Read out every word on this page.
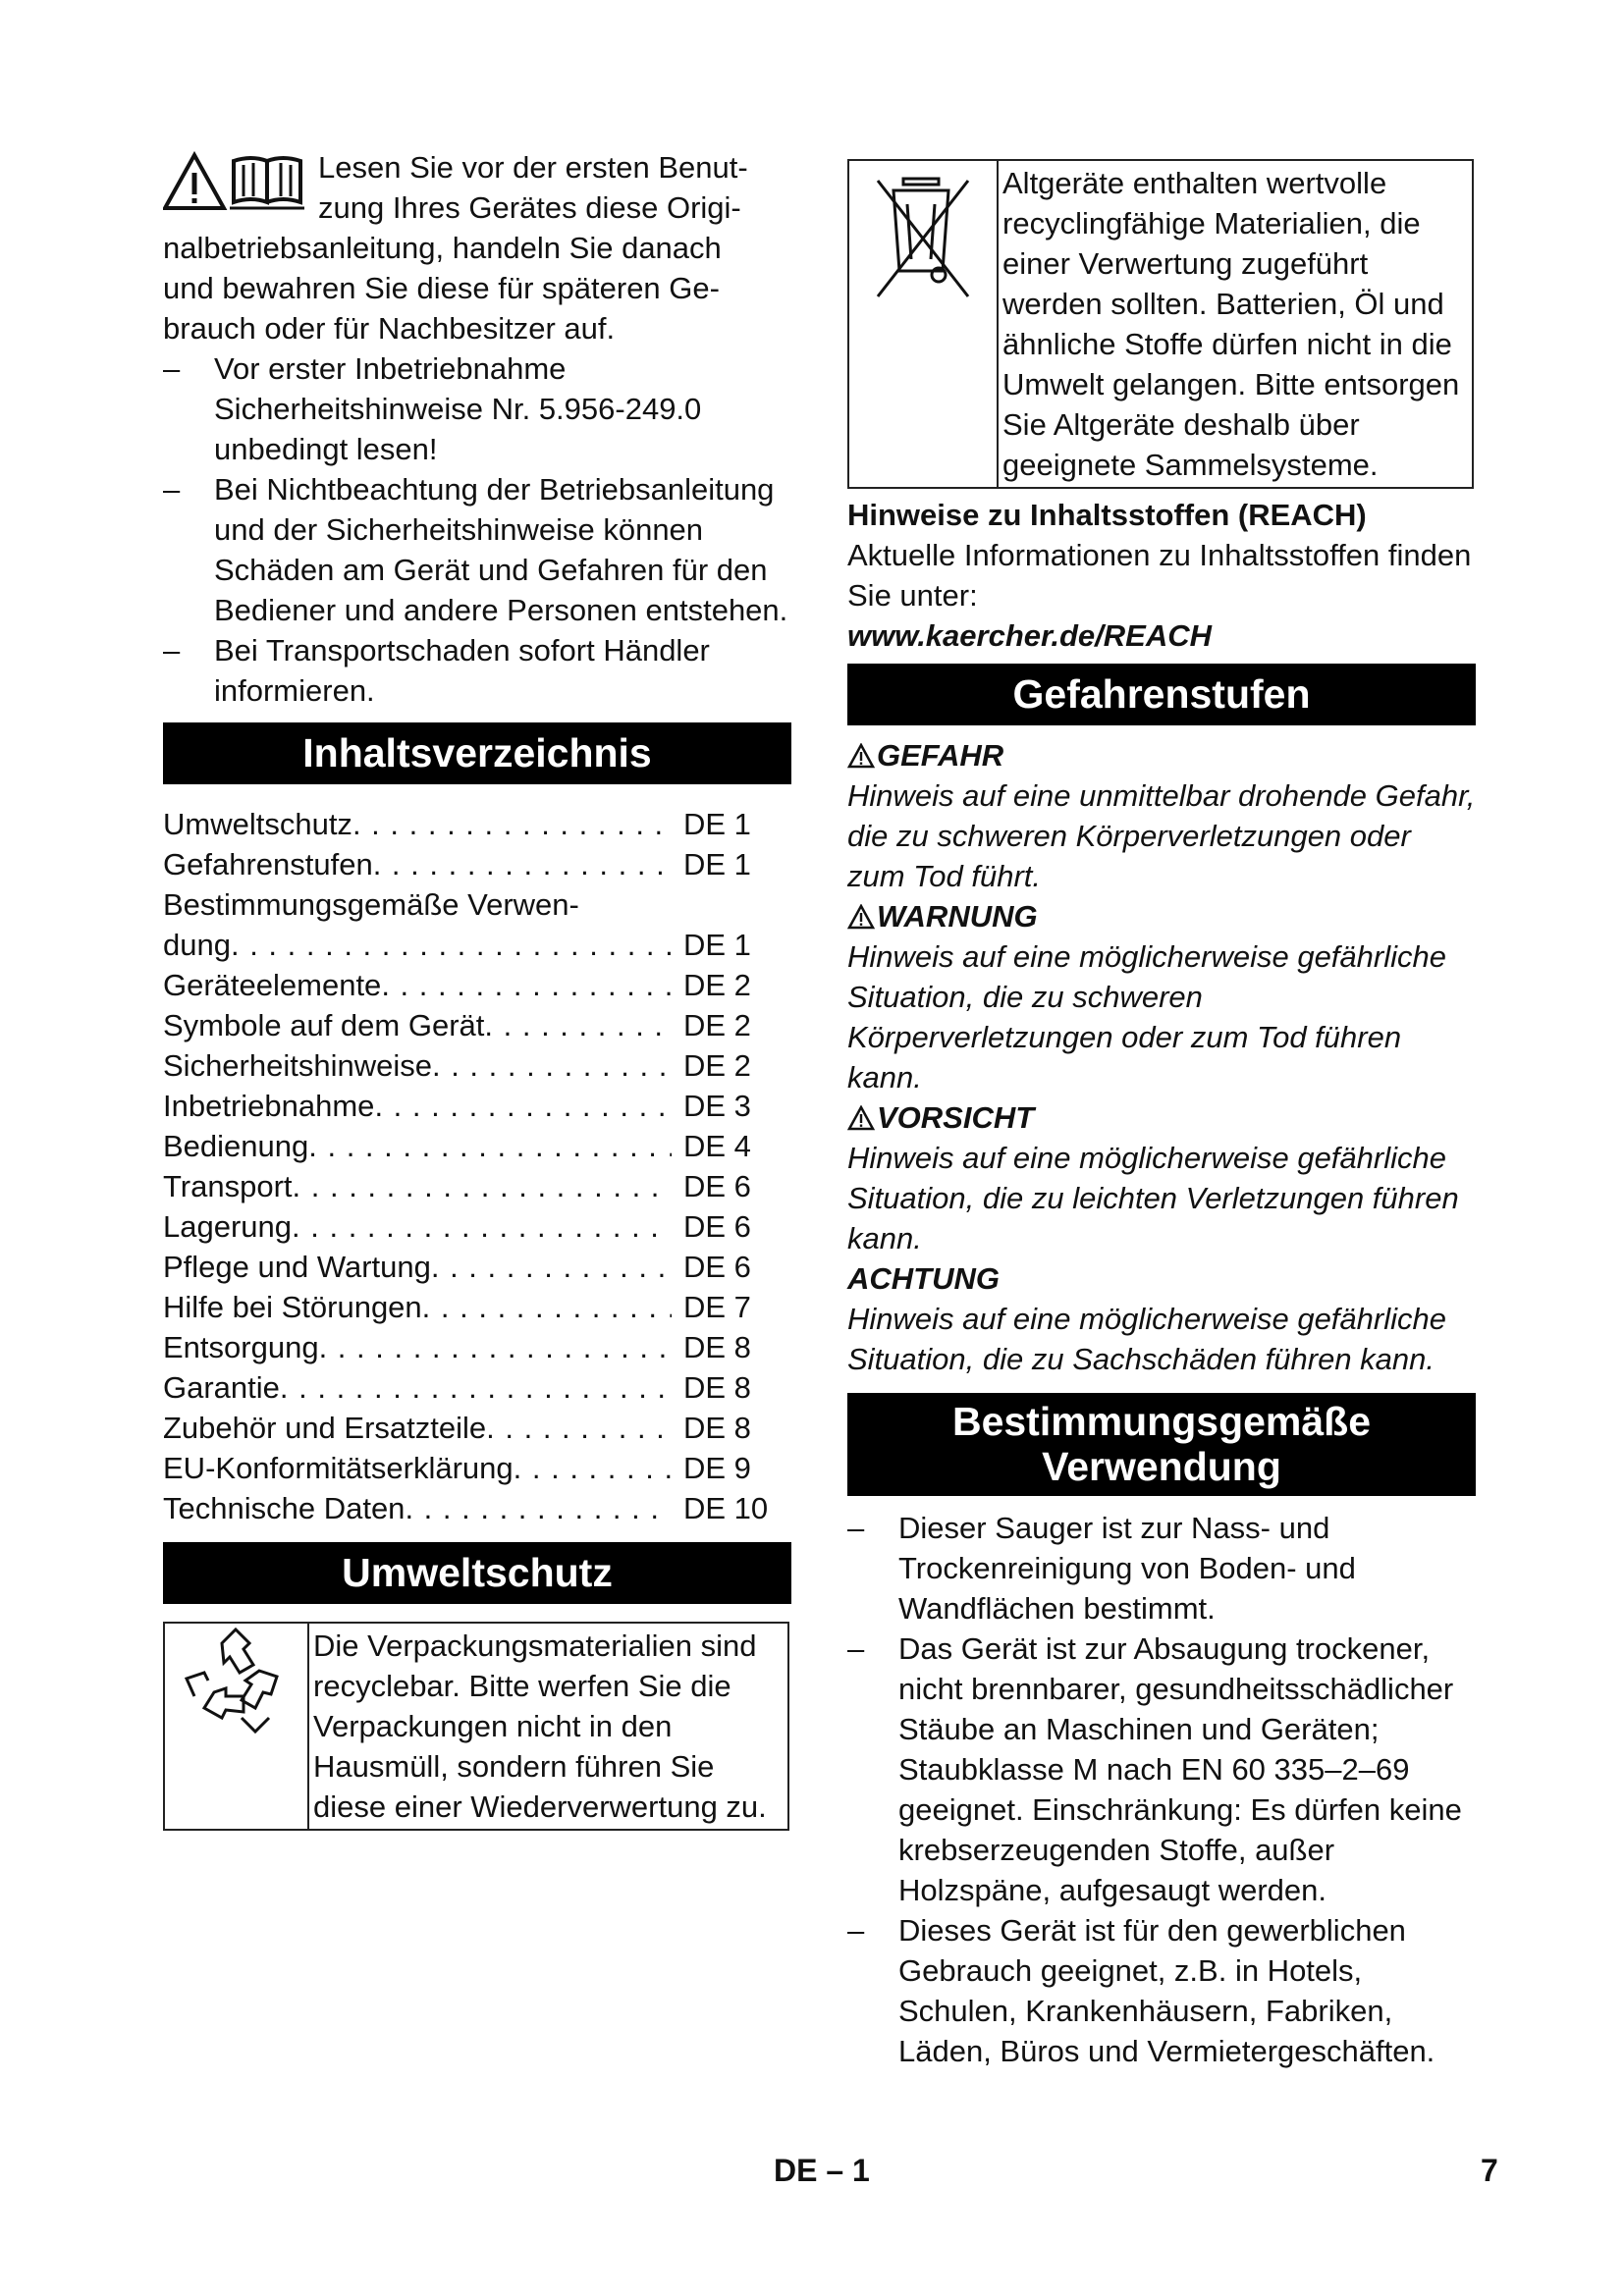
Lesen Sie vor der ersten Benut-

zung Ihres Gerätes diese Origi-

nalbetriebsanleitung, handeln Sie danach

und bewahren Sie diese für späteren Ge-

brauch oder für Nachbesitzer auf.

– Vor erster Inbetriebnahme Sicherheitshinweise Nr. 5.956-249.0 unbedingt lesen!
– Bei Nichtbeachtung der Betriebsanleitung und der Sicherheitshinweise können Schäden am Gerät und Gefahren für den Bediener und andere Personen entstehen.
– Bei Transportschaden sofort Händler informieren.
Inhaltsverzeichnis
Umweltschutz . . .	DE 1
Gefahrenstufen . . .	DE 1
Bestimmungsgemäße Verwen-
dung . . .	DE 1
Geräteelemente . . .	DE 2
Symbole auf dem Gerät . . .	DE 2
Sicherheitshinweise . . .	DE 2
Inbetriebnahme . . .	DE 3
Bedienung . . .	DE 4
Transport . . .	DE 6
Lagerung . . .	DE 6
Pflege und Wartung . . .	DE 6
Hilfe bei Störungen . . .	DE 7
Entsorgung . . .	DE 8
Garantie . . .	DE 8
Zubehör und Ersatzteile . . .	DE 8
EU-Konformitätserklärung . . .	DE 9
Technische Daten . . .	DE 10
Umweltschutz
Die Verpackungsmaterialien sind recyclebar. Bitte werfen Sie die Verpackungen nicht in den Hausmüll, sondern führen Sie diese einer Wiederverwertung zu.
Altgeräte enthalten wertvolle recyclingfähige Materialien, die einer Verwertung zugeführt werden sollten. Batterien, Öl und ähnliche Stoffe dürfen nicht in die Umwelt gelangen. Bitte entsorgen Sie Altgeräte deshalb über geeignete Sammelsysteme.

Hinweise zu Inhaltsstoffen (REACH)

Aktuelle Informationen zu Inhaltsstoffen finden Sie unter:

www.kaercher.de/REACH

Gefahrenstufen
GEFAHR

Hinweis auf eine unmittelbar drohende Gefahr, die zu schweren Körperverletzungen oder zum Tod führt.

WARNUNG

Hinweis auf eine möglicherweise gefährliche Situation, die zu schweren Körperverletzungen oder zum Tod führen kann.

VORSICHT

Hinweis auf eine möglicherweise gefährliche Situation, die zu leichten Verletzungen führen kann.

ACHTUNG

Hinweis auf eine möglicherweise gefährliche Situation, die zu Sachschäden führen kann.

Bestimmungsgemäße
Verwendung
– Dieser Sauger ist zur Nass- und Trockenreinigung von Boden- und Wandflächen bestimmt.
– Das Gerät ist zur Absaugung trockener, nicht brennbarer, gesundheitsschädlicher Stäube an Maschinen und Geräten; Staubklasse M nach EN 60 335–2–69 geeignet. Einschränkung: Es dürfen keine krebserzeugenden Stoffe, außer Holzspäne, aufgesaugt werden.
– Dieses Gerät ist für den gewerblichen Gebrauch geeignet, z.B. in Hotels, Schulen, Krankenhäusern, Fabriken, Läden, Büros und Vermietergeschäften.
DE – 1	7
